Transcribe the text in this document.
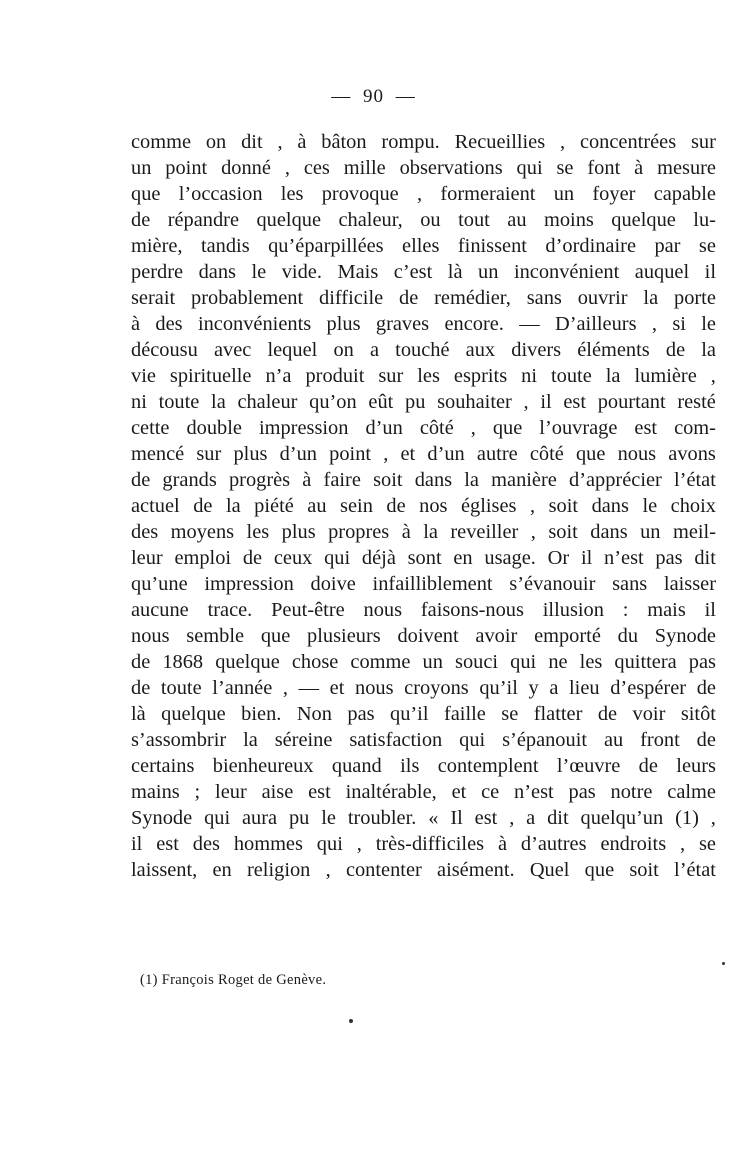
— 90 —
comme on dit , à bâton rompu. Recueillies , concentrées sur
un point donné , ces mille observations qui se font à mesure
que l’occasion les provoque , formeraient un foyer capable
de répandre quelque chaleur, ou tout au moins quelque lu-
mière, tandis qu’éparpillées elles finissent d’ordinaire par se
perdre dans le vide. Mais c’est là un inconvénient auquel il
serait probablement difficile de remédier, sans ouvrir la porte
à des inconvénients plus graves encore. — D’ailleurs , si le
décousu avec lequel on a touché aux divers éléments de la
vie spirituelle n’a produit sur les esprits ni toute la lumière ,
ni toute la chaleur qu’on eût pu souhaiter , il est pourtant resté
cette double impression d’un côté , que l’ouvrage est com-
mencé sur plus d’un point , et d’un autre côté que nous avons
de grands progrès à faire soit dans la manière d’apprécier l’état
actuel de la piété au sein de nos églises , soit dans le choix
des moyens les plus propres à la reveiller , soit dans un meil-
leur emploi de ceux qui déjà sont en usage. Or il n’est pas dit
qu’une impression doive infailliblement s’évanouir sans laisser
aucune trace. Peut-être nous faisons-nous illusion : mais il
nous semble que plusieurs doivent avoir emporté du Synode
de 1868 quelque chose comme un souci qui ne les quittera pas
de toute l’année , — et nous croyons qu’il y a lieu d’espérer de
là quelque bien. Non pas qu’il faille se flatter de voir sitôt
s’assombrir la séreine satisfaction qui s’épanouit au front de
certains bienheureux quand ils contemplent l’œuvre de leurs
mains ; leur aise est inaltérable, et ce n’est pas notre calme
Synode qui aura pu le troubler. « Il est , a dit quelqu’un (1) ,
il est des hommes qui , très-difficiles à d’autres endroits , se
laissent, en religion , contenter aisément. Quel que soit l’état
(1) François Roget de Genève.
